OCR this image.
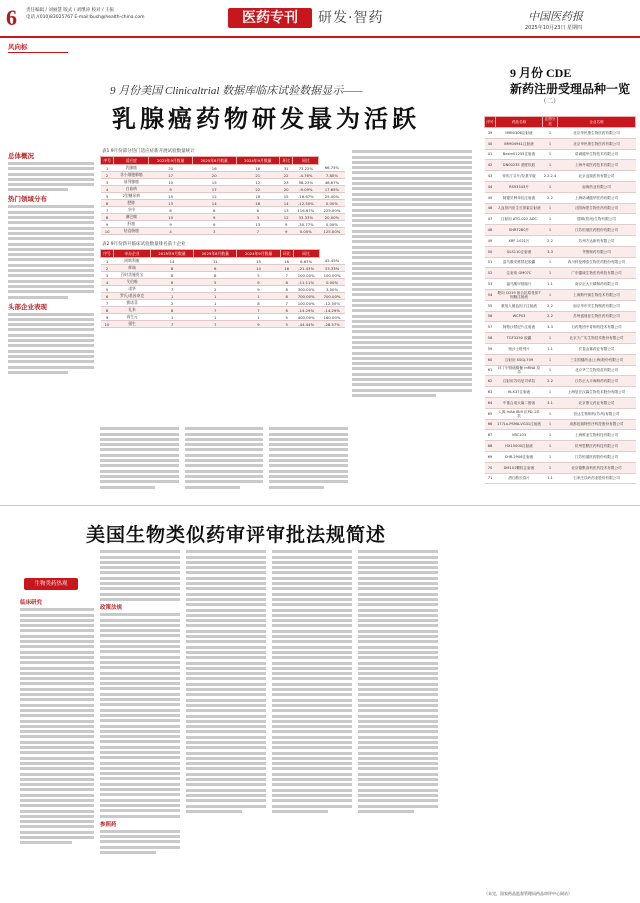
6 责任编辑 / 刘丽慧 版式 / 刘继涛 校对 / 王振
电话 /(010)83025767 E-mail:bush@health-china.com	医药专刊	研发·智药	中国医药报
2025年10月23日 星期四
风向标
9 月份美国 Clinicaltrial 数据库临床试验数据显示——
乳腺癌药物研发最为活跃
总体概况
热门领域分布
头部企业表现
表1 9月份部分热门适应症新开展试验数量统计
序号	适应症	2025年9月数量	2025年8月数量	2024年9月数量	环比	同比	
1	乳腺癌	20	16	18	31	73.22%	66.75%
2	非小细胞肺癌	17	20	21	22	-4.76%	7.80%
3	前列腺癌	10	15	12	23	58.23%	46.67%
4	白血病	9	17	22	20	-9.09%	17.65%
5	2型糖尿病	15	12	16	15	-16.67%	25.00%
6	肥胖	13	14	16	14	-12.50%	0.00%
7	卒中	8	6	6	13	116.67%	225.00%
8	淋巴瘤	10	9	3	12	33.33%	20.00%
9	肝癌	9	9	13	9	-30.77%	0.00%
10	结直肠癌	4	3	7	9	0.00%	125.00%
表2 9月份新开临床试验数量排名前十企业
序号	申办企业	2025年9月数量	2025年8月数量	2024年9月数量	环比	同比	
1	阿斯利康	14	11	15	16	6.67%	45.45%
2	辉瑞	8	6	14	16	-21.43%	33.33%
3	百时美施贵宝	8	8	5	7	100.00%	100.00%
4	艾伯维	6	5	9	8	-11.11%	0.00%
5	诺华	7	2	9	8	300.00%	3.00%
6	罗氏/基因泰克	1	1	1	8	700.00%	700.00%
7	赛诺菲	2	1	8	7	100.00%	-12.50%
8	礼来	8	7	7	6	-14.29%	-14.29%
9	再生元	1	1	1	5	400.00%	160.00%
10	强生	7	7	9	5	-44.44%	-28.57%
9 月份 CDE
新药注册受理品种一览
（二）
序号	药品名称	注册分类	企业名称
39	IMM0306注射液	1	北京华民康生物医药有限公司
40	IMM04941注射液	1	北京华民康生物医药有限公司
41	Bexm01255注射液	1	诺诚健华生物技术有限公司
42	DN00235 酒度软胶	1	上海丹诺医药技术有限公司
43	蒂布汀芬片/羟基苄胺	2.2.2.4	北京迈瑞医药有限公司
44	RS93543片	1	南海药业有限公司
45	阿德贝利单抗注射液	2.2	上海诺诚健华医药有限公司
46	人血管内皮生长抑素注射液	1	沈阳海思生物医药有限公司
47	注射用 ATG-022 ADC	1	德琪(杭州)生物有限公司
48	SHR7280片	1	江苏恒瑞医药股份有限公司
49	XRF-1021片	2.2	苏州方达新药有限公司
50	QLS110注射液	3.3	齐鲁制药有限公司
51	富马酸安维替尼胶囊	1	四川科伦博泰生物医药股份有限公司
52	注射用 GM07C	1	广东疆域生物医药科技有限公司
53	福马酸甲基胺片	1.1	南京正大天晴制药有限公司
54	靶向 CD19 嵌合抗原受体T细胞注射液	1	上海斯丹赛生物技术有限公司
55	重组人凝血因子注射液	2.2	南京华东安生物制药有限公司
56	WCP03	2.2	苏州盛迪亚生物医药有限公司
57	阿帕沙替尼片注射液	3.3	石药集团中奇制药技术有限公司
58	TGF3250 胶囊	1	北京天广实生物技术股份有限公司
59	奥沙土格列片	1.1	长春金赛药业有限公司
60	注射用 SSGJ-709	1	三生国健药业(上海)股份有限公司
61	环丁甲基硫酸葡 mRNA 疫苗	1	北京华兰生物疫苗有限公司
62	注射用苏培尼司单抗	2.2	江苏正大丰海制药有限公司
63	HLX37注射液	1	上海复宏汉霖生物技术股份有限公司
64	中重合成大麻二酚油	3.1	北京康元药业有限公司
65	人源 mAb IBI9 抗PD-1单抗	1	信达生物制药(苏州)有限公司
66	177Lu-PSMA-VG31注射液	1	成都纽瑞特医疗科技股份有限公司
67	VBC103	1	上海维亚生物科技有限公司
68	HX15000注射液	1	杭州思默医药科技有限公司
69	SHR-2906注射液	1	江苏恒瑞医药股份有限公司
70	DM101颗粒注射液	1	北京德默高科医药技术有限公司
71	酒石酸长春片	1.1	石家庄以岭药业股份有限公司
（未完，国家药品监督管理局药品审评中心网站）
美国生物类似药审评审批法规简述
生物类药热观
临床研究
政策法规
参照药
